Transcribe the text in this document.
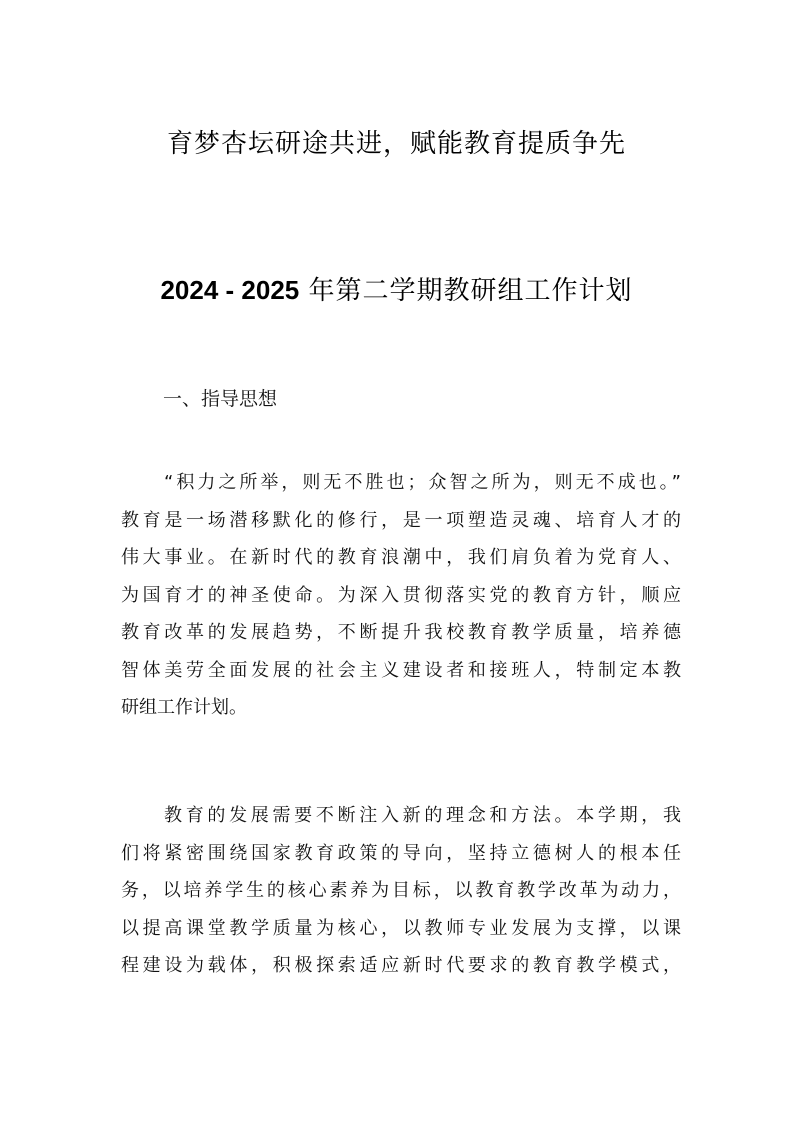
育梦杏坛研途共进，赋能教育提质争先
2024 - 2025 年第二学期教研组工作计划
一、指导思想
“积力之所举，则无不胜也；众智之所为，则无不成也。”
教育是一场潜移默化的修行，是一项塑造灵魂、培育人才的
伟大事业。在新时代的教育浪潮中，我们肩负着为党育人、
为国育才的神圣使命。为深入贯彻落实党的教育方针，顺应
教育改革的发展趋势，不断提升我校教育教学质量，培养德
智体美劳全面发展的社会主义建设者和接班人，特制定本教
研组工作计划。
教育的发展需要不断注入新的理念和方法。本学期，我
们将紧密围绕国家教育政策的导向，坚持立德树人的根本任
务，以培养学生的核心素养为目标，以教育教学改革为动力，
以提高课堂教学质量为核心，以教师专业发展为支撑，以课
程建设为载体，积极探索适应新时代要求的教育教学模式，
